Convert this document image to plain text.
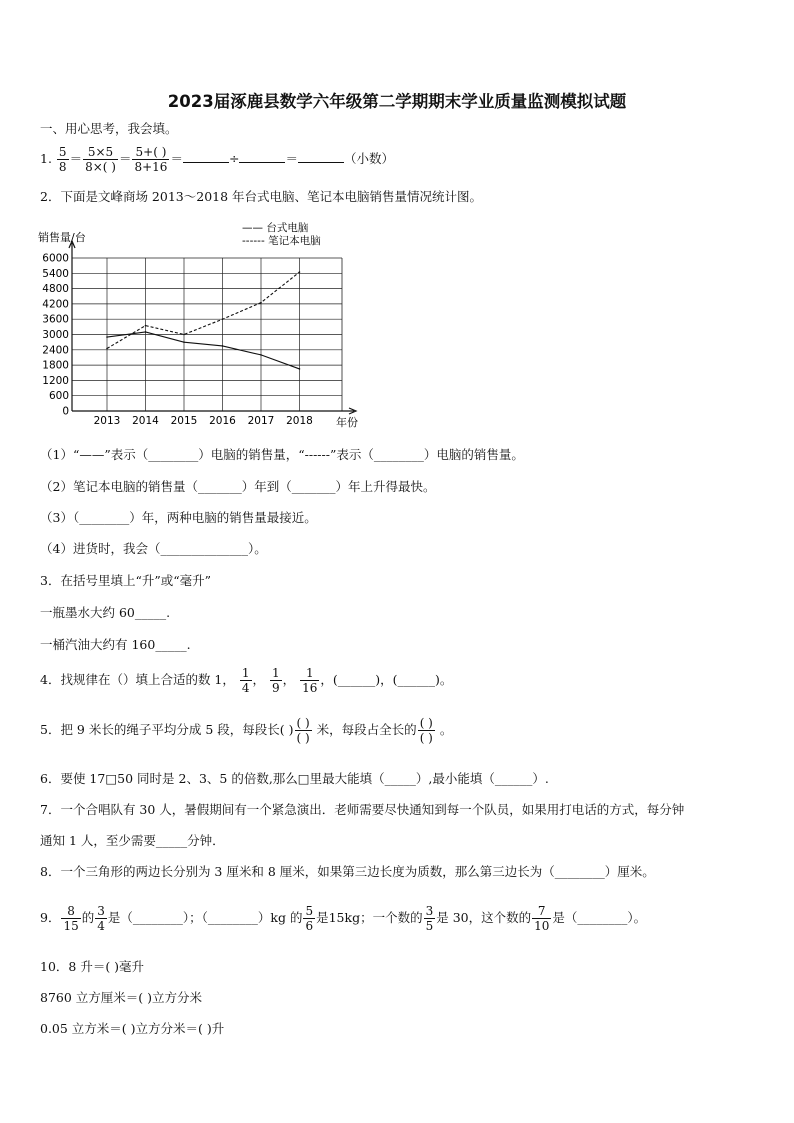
2023届涿鹿县数学六年级第二学期期末学业质量监测模拟试题
一、用心思考，我会填。
1. $\frac{5}{8} = \frac{5\times 5}{8\times( )} = \frac{5+( )}{8+16}$ ＝	÷	＝	（小数）
2．下面是文峰商场 2013～2018 年台式电脑、笔记本电脑销售量情况统计图。
0
600
1200
1800
2400
3000
3600
4200
4800
5400
6000
2013 2014 2015 2016 2017 2018
—— 台式电脑
------ 笔记本电脑
销售量/台
年份
（1）“——”表示（________）电脑的销售量，“------”表示（________）电脑的销售量。
（2）笔记本电脑的销售量（_______）年到（_______）年上升得最快。
（3）（________）年，两种电脑的销售量最接近。
（4）进货时，我会（______________）。
3．在括号里填上“升”或“毫升”
一瓶墨水大约 60_____.
一桶汽油大约有 160_____.
4．找规律在（）填上合适的数 1， $\frac{1}{4}$ ， $\frac{1}{9}$ ， $\frac{1}{16}$ ，(______)，(______)。
5．把 9 米长的绳子平均分成 5 段，每段长( ) $\frac{( )}{( )}$ 米，每段占全长的 $\frac{( )}{( )}$ 。
6．要使 17□50 同时是 2、3、5 的倍数,那么□里最大能填（_____）,最小能填（______）.
7．一个合唱队有 30 人，暑假期间有一个紧急演出．老师需要尽快通知到每一个队员，如果用打电话的方式，每分钟
通知 1 人，至少需要_____分钟．
8．一个三角形的两边长分别为 3 厘米和 8 厘米，如果第三边长度为质数，那么第三边长为（________）厘米。
9． $\frac{8}{15}$ 的 $\frac{3}{4}$ 是（________）；（________）kg 的 $\frac{5}{6}$ 是15kg；一个数的 $\frac{3}{5}$ 是 30，这个数的 $\frac{7}{10}$ 是（________）。
10．8 升＝( )毫升
8760 立方厘米＝( )立方分米
0.05 立方米＝( )立方分米＝( )升
